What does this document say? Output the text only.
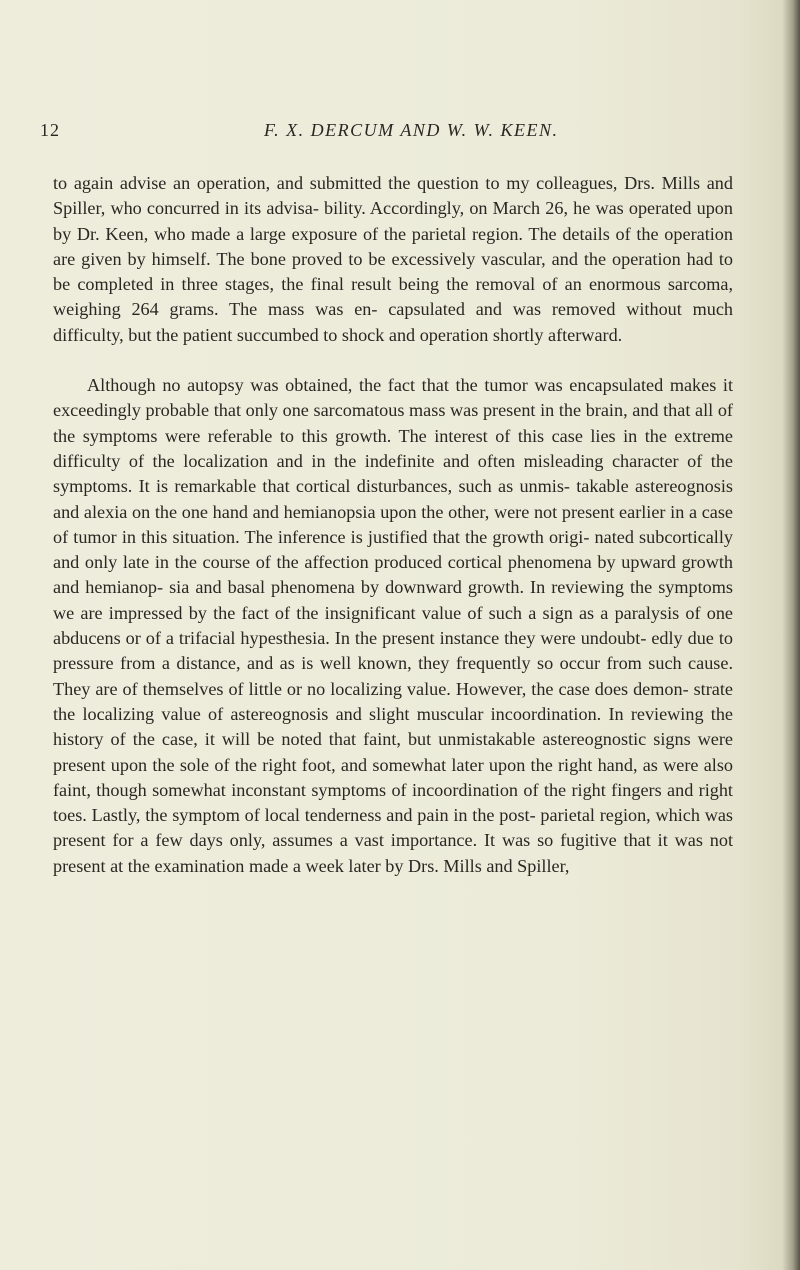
12	F. X. DERCUM AND W. W. KEEN.

to again advise an operation, and submitted the question to my colleagues, Drs. Mills and Spiller, who concurred in its advisa- bility. Accordingly, on March 26, he was operated upon by Dr. Keen, who made a large exposure of the parietal region. The details of the operation are given by himself. The bone proved to be excessively vascular, and the operation had to be completed in three stages, the final result being the removal of an enormous sarcoma, weighing 264 grams. The mass was en- capsulated and was removed without much difficulty, but the patient succumbed to shock and operation shortly afterward.

Although no autopsy was obtained, the fact that the tumor was encapsulated makes it exceedingly probable that only one sarcomatous mass was present in the brain, and that all of the symptoms were referable to this growth. The interest of this case lies in the extreme difficulty of the localization and in the indefinite and often misleading character of the symptoms. It is remarkable that cortical disturbances, such as unmis- takable astereognosis and alexia on the one hand and hemianopsia upon the other, were not present earlier in a case of tumor in this situation. The inference is justified that the growth origi- nated subcortically and only late in the course of the affection produced cortical phenomena by upward growth and hemianop- sia and basal phenomena by downward growth. In reviewing the symptoms we are impressed by the fact of the insignificant value of such a sign as a paralysis of one abducens or of a trifacial hypesthesia. In the present instance they were undoubt- edly due to pressure from a distance, and as is well known, they frequently so occur from such cause. They are of themselves of little or no localizing value. However, the case does demon- strate the localizing value of astereognosis and slight muscular incoordination. In reviewing the history of the case, it will be noted that faint, but unmistakable astereognostic signs were present upon the sole of the right foot, and somewhat later upon the right hand, as were also faint, though somewhat inconstant symptoms of incoordination of the right fingers and right toes. Lastly, the symptom of local tenderness and pain in the post- parietal region, which was present for a few days only, assumes a vast importance. It was so fugitive that it was not present at the examination made a week later by Drs. Mills and Spiller,
